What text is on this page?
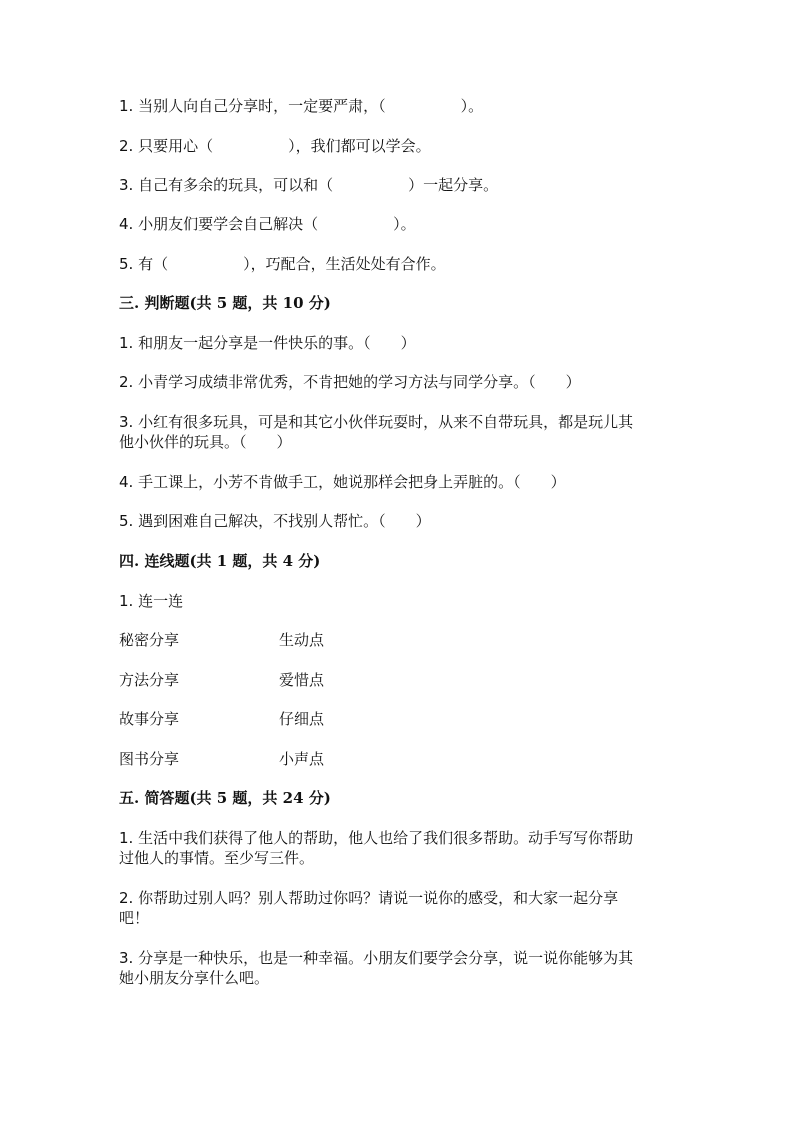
1. 当别人向自己分享时，一定要严肃，（　　　　　）。
2. 只要用心（　　　　　），我们都可以学会。
3. 自己有多余的玩具，可以和（　　　　　）一起分享。
4. 小朋友们要学会自己解决（　　　　　）。
5. 有（　　　　　），巧配合，生活处处有合作。
三. 判断题(共 5 题，共 10 分)
1. 和朋友一起分享是一件快乐的事。（　　）
2. 小青学习成绩非常优秀，不肯把她的学习方法与同学分享。（　　）
3. 小红有很多玩具，可是和其它小伙伴玩耍时，从来不自带玩具，都是玩儿其
他小伙伴的玩具。（　　）
4. 手工课上，小芳不肯做手工，她说那样会把身上弄脏的。（　　）
5. 遇到困难自己解决，不找别人帮忙。（　　）
四. 连线题(共 1 题，共 4 分)
1. 连一连
秘密分享	生动点
方法分享	爱惜点
故事分享	仔细点
图书分享	小声点
五. 简答题(共 5 题，共 24 分)
1. 生活中我们获得了他人的帮助，他人也给了我们很多帮助。动手写写你帮助
过他人的事情。至少写三件。
2. 你帮助过别人吗？别人帮助过你吗？请说一说你的感受，和大家一起分享
吧！
3. 分享是一种快乐，也是一种幸福。小朋友们要学会分享，说一说你能够为其
她小朋友分享什么吧。
